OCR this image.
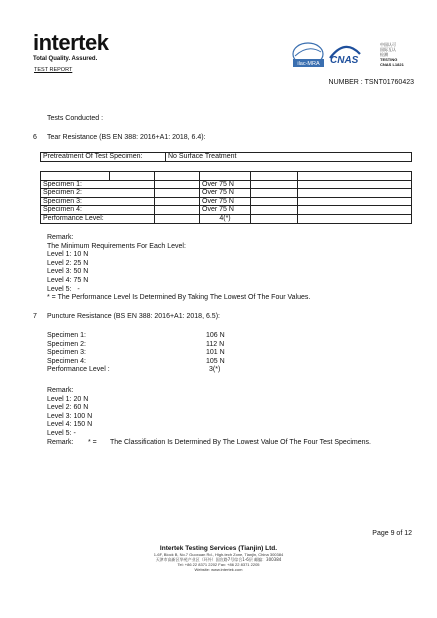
intertek
Total Quality. Assured.
TEST REPORT
ilac-MRA CNAS
中国认可
国际互认
检测
TESTING
CNAS L1821
NUMBER : TSNT01760423
Tests Conducted :
6 Tear Resistance (BS EN 388: 2016+A1: 2018, 6.4):
Pretreatment Of Test Specimen:	No Surface Treatment

Specimen 1:			Over 75 N		
Specimen 2:			Over 75 N		
Specimen 3:			Over 75 N		
Specimen 4:			Over 75 N		
Performance Level:			4(*)		
Remark:
The Minimum Requirements For Each Level:
Level 1: 10 N
Level 2: 25 N
Level 3: 50 N
Level 4: 75 N
Level 5:   -
* = The Performance Level Is Determined By Taking The Lowest Of The Four Values.
7 Puncture Resistance (BS EN 388: 2016+A1: 2018, 6.5):
Specimen 1:	106 N
Specimen 2:	112 N
Specimen 3:	101 N
Specimen 4:	105 N
Performance Level :	3(*)
Remark:
Level 1: 20 N
Level 2: 60 N
Level 3: 100 N
Level 4: 150 N
Level 5: -
Remark: * = The Classification Is Determined By The Lowest Value Of The Four Test Specimens.
Page 9 of 12
Intertek Testing Services (Tianjin) Ltd.
1-6F, Block B, No.7 Guoxuan Rd., High-tech Zone, Tianjin, China 300384
天津市高新区华苑产业区（环外）国宣路7号综合1-6层 邮编：300384
Tel: +86 22 8371 2202 Fax: +86 22 8371 2205
Website: www.intertek.com
